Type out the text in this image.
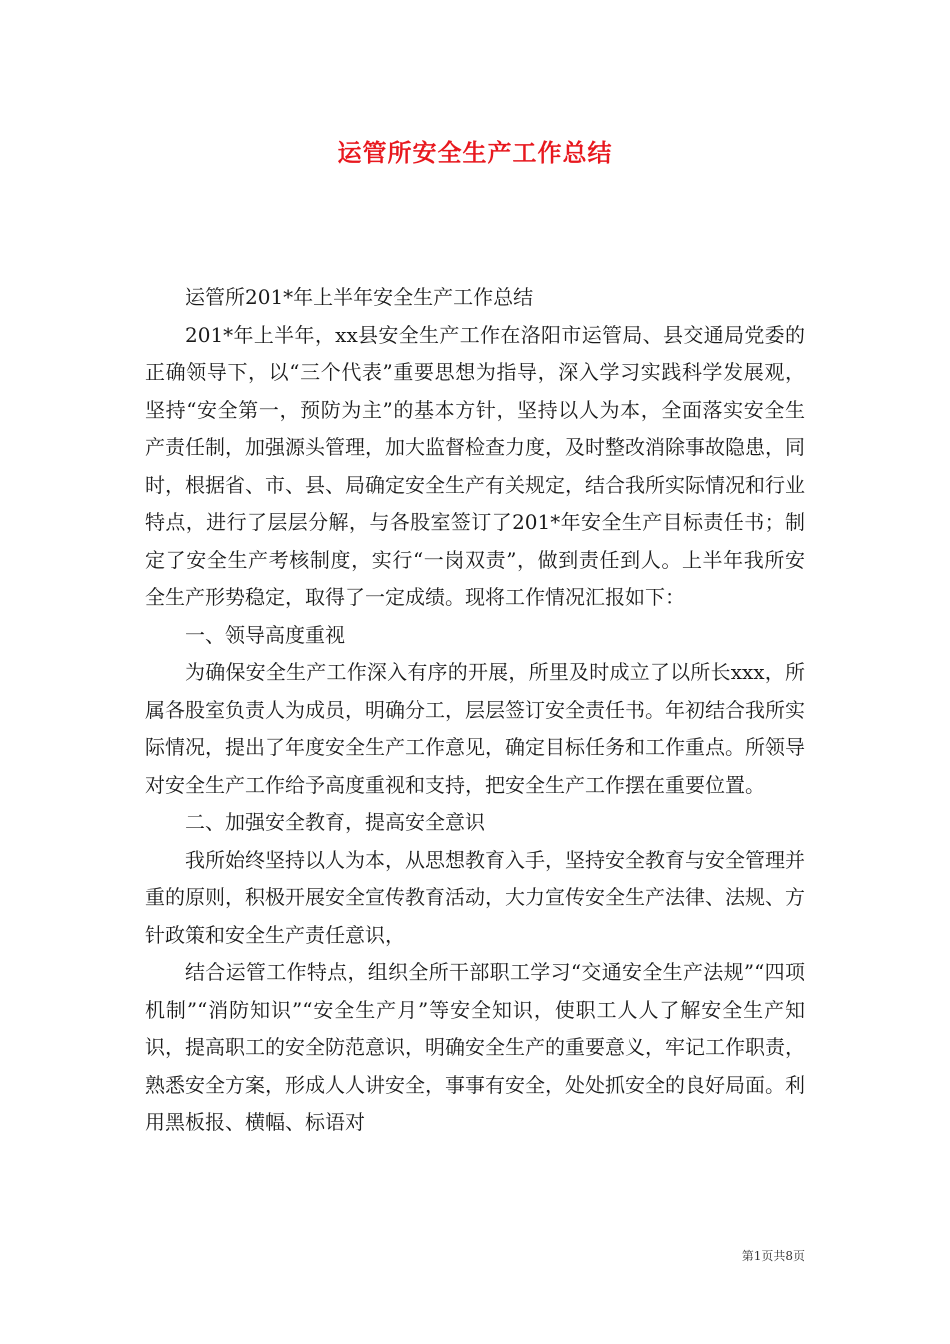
运管所安全生产工作总结

运管所201*年上半年安全生产工作总结

201*年上半年，xx县安全生产工作在洛阳市运管局、县交通局党委的正确领导下，以“三个代表”重要思想为指导，深入学习实践科学发展观，坚持“安全第一，预防为主”的基本方针，坚持以人为本，全面落实安全生产责任制，加强源头管理，加大监督检查力度，及时整改消除事故隐患，同时，根据省、市、县、局确定安全生产有关规定，结合我所实际情况和行业特点，进行了层层分解，与各股室签订了201*年安全生产目标责任书；制定了安全生产考核制度，实行“一岗双责”，做到责任到人。上半年我所安全生产形势稳定，取得了一定成绩。现将工作情况汇报如下：

一、领导高度重视

为确保安全生产工作深入有序的开展，所里及时成立了以所长xxx，所属各股室负责人为成员，明确分工，层层签订安全责任书。年初结合我所实际情况，提出了年度安全生产工作意见，确定目标任务和工作重点。所领导对安全生产工作给予高度重视和支持，把安全生产工作摆在重要位置。

二、加强安全教育，提高安全意识

我所始终坚持以人为本，从思想教育入手，坚持安全教育与安全管理并重的原则，积极开展安全宣传教育活动，大力宣传安全生产法律、法规、方针政策和安全生产责任意识，

结合运管工作特点，组织全所干部职工学习“交通安全生产法规”“四项机制”“消防知识”“安全生产月”等安全知识，使职工人人了解安全生产知识，提高职工的安全防范意识，明确安全生产的重要意义，牢记工作职责，熟悉安全方案，形成人人讲安全，事事有安全，处处抓安全的良好局面。利用黑板报、横幅、标语对

第1页共8页
